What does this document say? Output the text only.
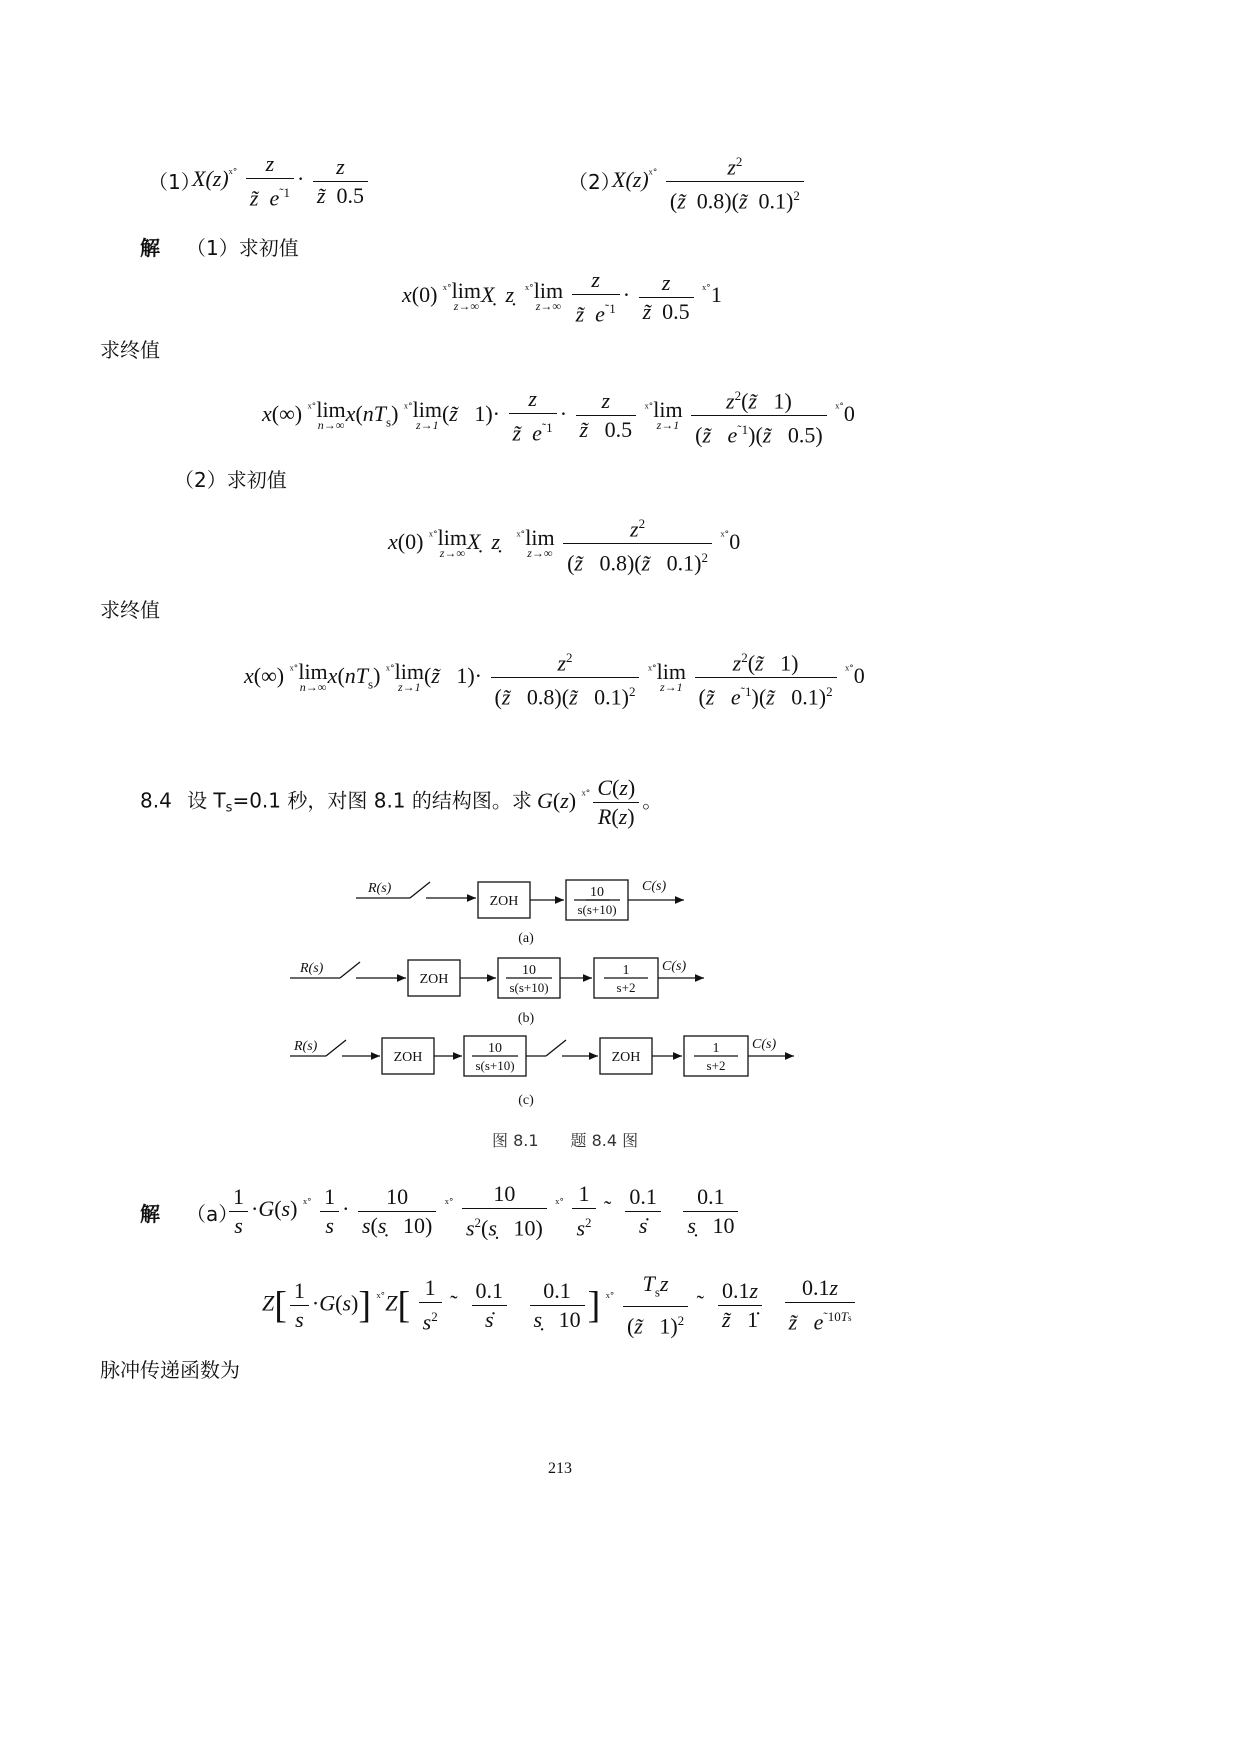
（1）
$X(z)^{ˣ˚} \frac{z}{z̃ e^{˜1}} \cdot \frac{z}{z̃ 0.5}$	（2）
$X(z)^{ˣ˚} \frac{z^2}{(z̃ 0.8)(z̃ 0.1)^2}$
解 （1）求初值
x(0) $^{ˣ˚}$lim
z→∞ X̣  ẓ  $^{ˣ˚}$lim
z→∞
$\frac{z}{z̃ e^{˜1}} \cdot \frac{z}{z̃ 0.5} ^{ˣ˚}1$
求终值
x(∞) $^{ˣ˚}$lim
n→∞ $x(nT_s)$ $^{ˣ˚}$lim
z→1 (z̃   $1)\cdot \frac{z}{z̃ e^{˜1}} \cdot \frac{z}{z̃ 0.5} ^{ˣ˚}\lim$
z→1
$\frac{z^2(z̃ 1)}{(z̃ e^{˜1})(z̃ 0.5)} ^{ˣ˚}0$
（2）求初值
x(0) $^{ˣ˚}$lim
z→∞ X̣  ẓ   $^{ˣ˚}$lim
z→∞
$\frac{z^2}{(z̃ 0.8)(z̃ 0.1)^2} ^{ˣ˚}0$
求终值
x(∞) $^{ˣ˚}$lim
n→∞ $x(nT_s)$ $^{ˣ˚}$lim
z→1 (z̃   $1)\cdot \frac{z^2}{(z̃ 0.8)(z̃ 0.1)^2} ^{ˣ˚}\lim$
z→1
$\frac{z^2(z̃ 1)}{(z̃ e^{˜1})(z̃ 0.1)^2} ^{ˣ˚}0$
8.4 设 $T_s=0.1$ 秒，对图 8.1 的结构图。求 G(z) $^{ˣ˚} \frac{C(z)}{R(z)}$ 。
R(s)
ZOH
10
s(s+10)
C(s)
(a)
R(s)
ZOH
10
s(s+10)
1
s+2
C(s)
(b)
R(s)
ZOH
10
s(s+10)
ZOH
1
s+2
C(s)
(c)
图 8.1　　题 8.4 图
解 （a）
$\frac{1}{s} \cdot G(s)$ $^{ˣ˚} \frac{1}{s} \cdot \frac{10}{s(ṣ 10)} ^{ˣ˚} \frac{10}{s^2(ṣ 10)} ^{ˣ˚} \frac{1}{s^2}$ ˜ $\frac{0.1}{s}$
$\frac{0.1}{ṣ 10}$
$Z[ \frac{1}{s} \cdot G(s)]$ $^{ˣ˚}Z[ \frac{1}{s^2}$ ˜ $\frac{0.1}{s}$
$\frac{0.1}{ṣ 10}$ ] $^{ˣ˚} \frac{T_sz}{(z̃ 1)^2}$ ˜ $\frac{0.1z}{z̃ 1̇}$
$\frac{0.1z}{z̃ e^{˜10Ts}}$
脉冲传递函数为
213
